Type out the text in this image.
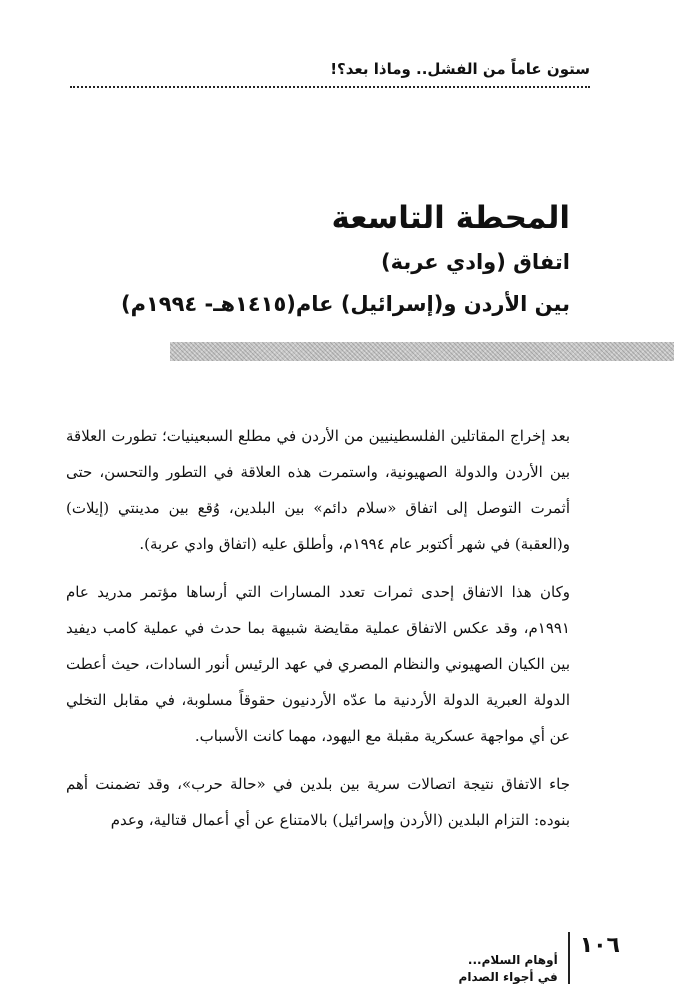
ستون عاماً من الفشل.. وماذا بعد؟!

المحطة التاسعة

اتفاق (وادي عربة)

بين الأردن و(إسرائيل) عام(١٤١٥هـ- ١٩٩٤م)

بعد إخراج المقاتلين الفلسطينيين من الأردن في مطلع السبعينيات؛ تطورت العلاقة بين الأردن والدولة الصهيونية، واستمرت هذه العلاقة في التطور والتحسن، حتى أثمرت التوصل إلى اتفاق «سلام دائم» بين البلدين، وُقع بين مدينتي (إيلات) و(العقبة) في شهر أكتوبر عام ١٩٩٤م، وأطلق عليه (اتفاق وادي عربة).

وكان هذا الاتفاق إحدى ثمرات تعدد المسارات التي أرساها مؤتمر مدريد عام ١٩٩١م، وقد عكس الاتفاق عملية مقايضة شبيهة بما حدث في عملية كامب ديفيد بين الكيان الصهيوني والنظام المصري في عهد الرئيس أنور السادات، حيث أعطت الدولة العبرية الدولة الأردنية ما عدّه الأردنيون حقوقاً مسلوبة، في مقابل التخلي عن أي مواجهة عسكرية مقبلة مع اليهود، مهما كانت الأسباب.

جاء الاتفاق نتيجة اتصالات سرية بين بلدين في «حالة حرب»، وقد تضمنت أهم بنوده: التزام البلدين (الأردن وإسرائيل) بالامتناع عن أي أعمال قتالية، وعدم

١٠٦
أوهام السلام...
في أجواء الصدام
